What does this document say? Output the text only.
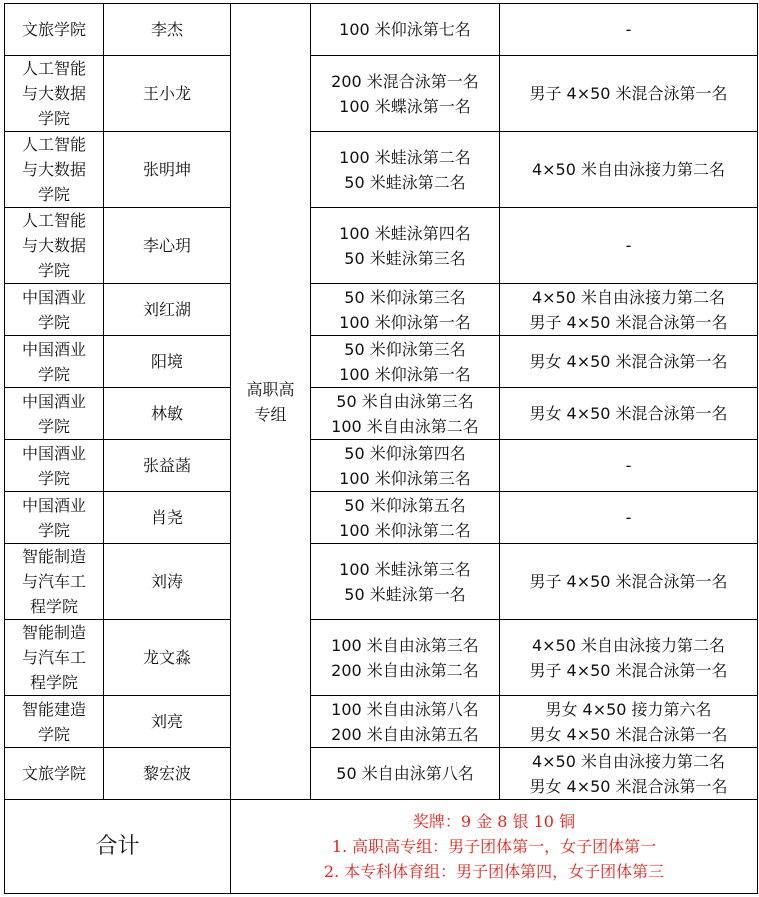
文旅学院	李杰	高职高
专组	100 米仰泳第七名	-

人工智能
与大数据
学院	王小龙		200 米混合泳第一名
100 米蝶泳第一名	男子 4×50 米混合泳第一名

人工智能
与大数据
学院	张明坤		100 米蛙泳第二名
50 米蛙泳第二名	4×50 米自由泳接力第二名

人工智能
与大数据
学院	李心玥		100 米蛙泳第四名
50 米蛙泳第三名	-

中国酒业
学院	刘红湖		50 米仰泳第三名
100 米仰泳第一名	4×50 米自由泳接力第二名
男子 4×50 米混合泳第一名

中国酒业
学院	阳境		50 米仰泳第三名
100 米仰泳第一名	男女 4×50 米混合泳第一名

中国酒业
学院	林敏		50 米自由泳第三名
100 米自由泳第二名	男女 4×50 米混合泳第一名

中国酒业
学院	张益菡		50 米仰泳第四名
100 米仰泳第三名	-

中国酒业
学院	肖尧		50 米仰泳第五名
100 米仰泳第二名	-

智能制造
与汽车工
程学院	刘涛		100 米蛙泳第三名
50 米蛙泳第一名	男子 4×50 米混合泳第一名

智能制造
与汽车工
程学院	龙文淼		100 米自由泳第三名
200 米自由泳第二名	4×50 米自由泳接力第二名
男子 4×50 米混合泳第一名

智能建造
学院	刘亮		100 米自由泳第八名
200 米自由泳第五名	男女 4×50 接力第六名
男女 4×50 米混合泳第一名

文旅学院	黎宏波		50 米自由泳第八名	4×50 米自由泳接力第二名
男女 4×50 米混合泳第一名

合计		奖牌：9 金 8 银 10 铜
1. 高职高专组：男子团体第一，女子团体第一
2. 本专科体育组：男子团体第四，女子团体第三		
